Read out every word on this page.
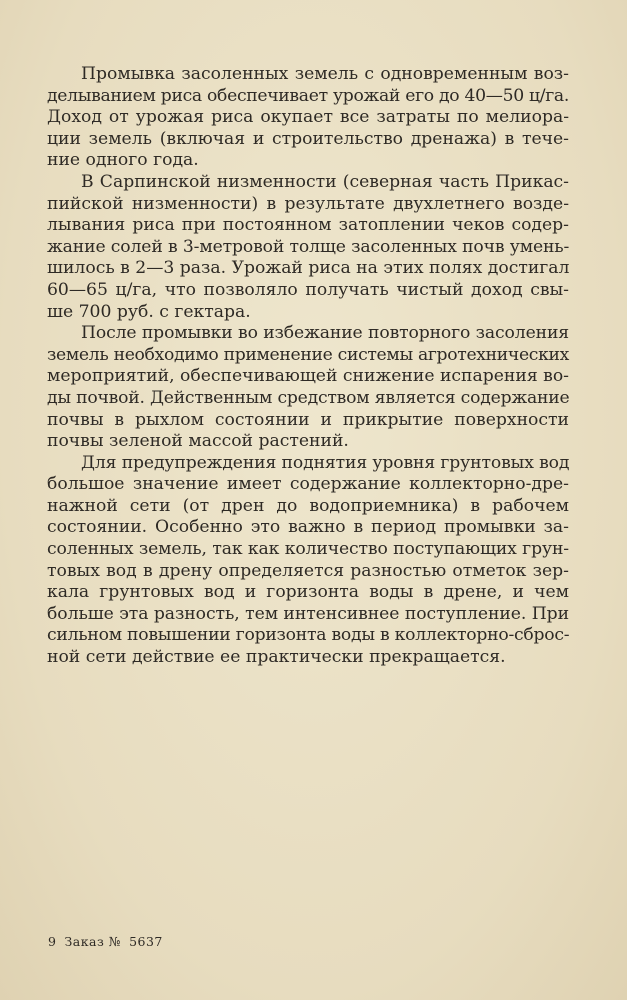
Промывка засоленных земель с одновременным воз-
делыванием риса обеспечивает урожай его до 40—50 ц/га.
Доход от урожая риса окупает все затраты по мелиора-
ции земель (включая и строительство дренажа) в тече-
ние одного года.

В Сарпинской низменности (северная часть Прикас-
пийской низменности) в результате двухлетнего возде-
лывания риса при постоянном затоплении чеков содер-
жание солей в 3-метровой толще засоленных почв умень-
шилось в 2—3 раза. Урожай риса на этих полях достигал
60—65 ц/га, что позволяло получать чистый доход свы-
ше 700 руб. с гектара.

После промывки во избежание повторного засоления
земель необходимо применение системы агротехнических
мероприятий, обеспечивающей снижение испарения во-
ды почвой. Действенным средством является содержание
почвы в рыхлом состоянии и прикрытие поверхности
почвы зеленой массой растений.

Для предупреждения поднятия уровня грунтовых вод
большое значение имеет содержание коллекторно-дре-
нажной сети (от дрен до водоприемника) в рабочем
состоянии. Особенно это важно в период промывки за-
соленных земель, так как количество поступающих грун-
товых вод в дрену определяется разностью отметок зер-
кала грунтовых вод и горизонта воды в дрене, и чем
больше эта разность, тем интенсивнее поступление. При
сильном повышении горизонта воды в коллекторно-сброс-
ной сети действие ее практически прекращается.

9 Заказ № 5637
